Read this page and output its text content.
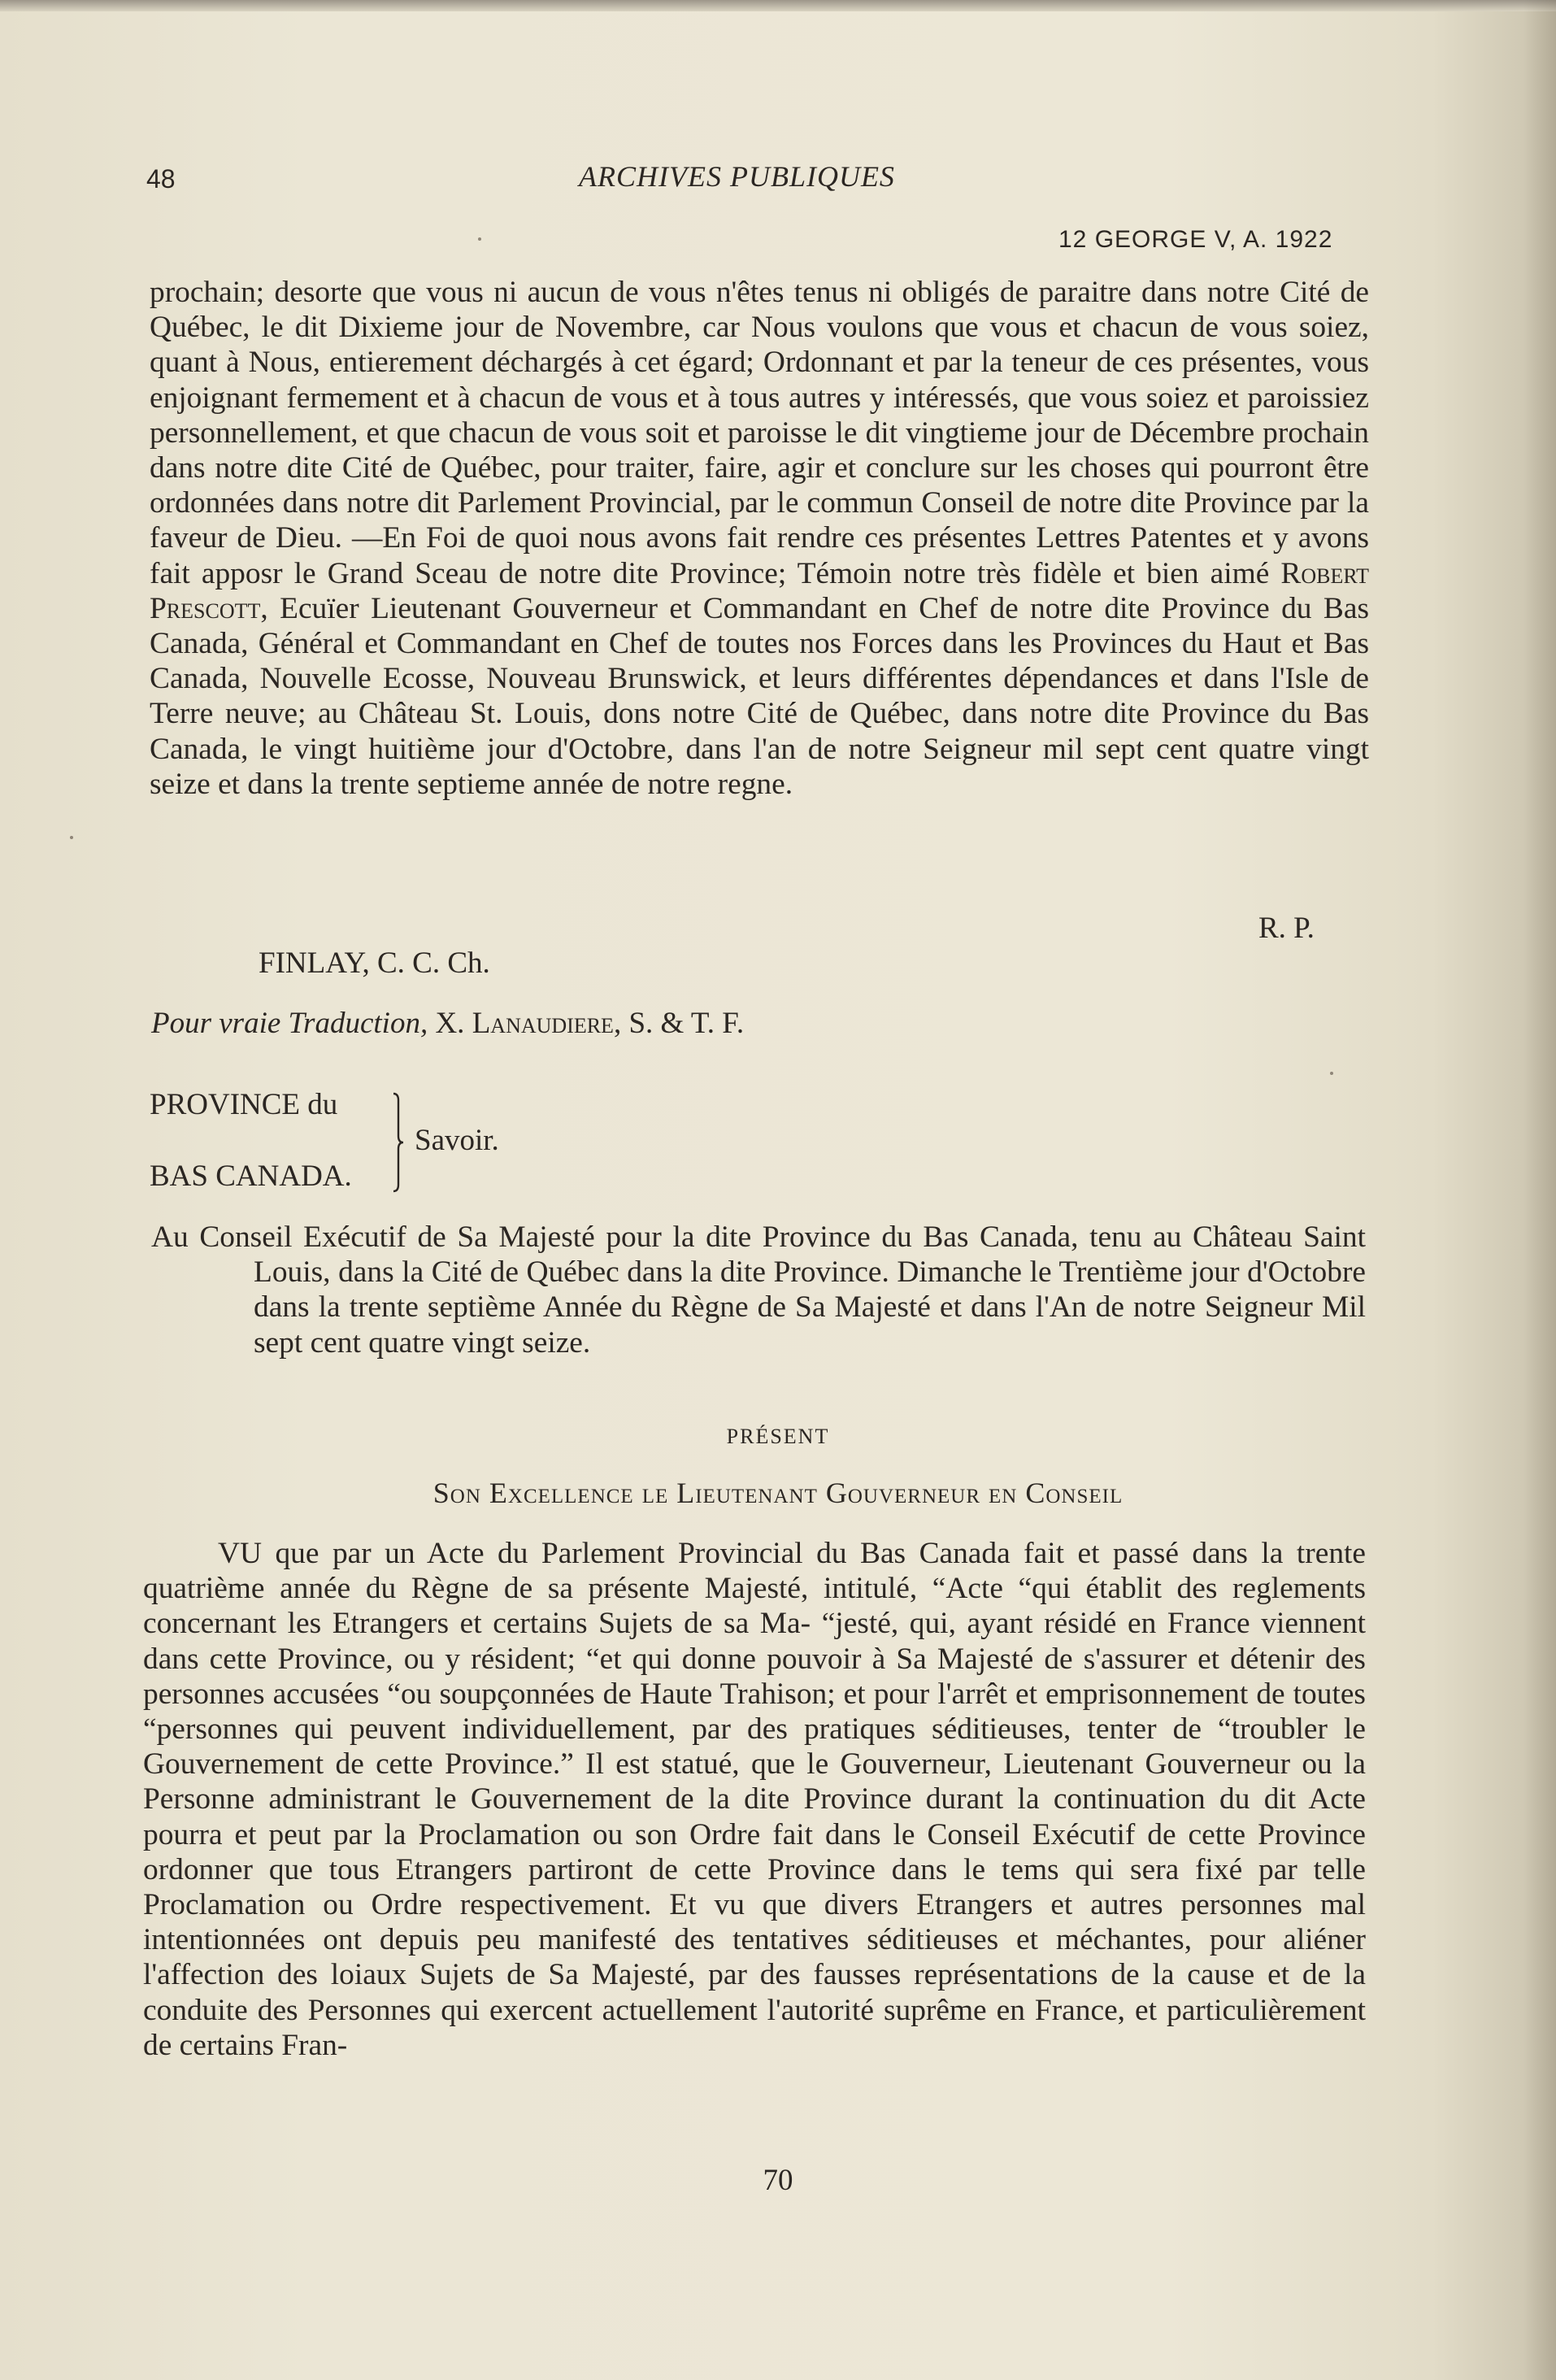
48	ARCHIVES PUBLIQUES
12 GEORGE V, A. 1922

prochain; desorte que vous ni aucun de vous n'êtes tenus ni obligés de paraitre dans notre Cité de Québec, le dit Dixieme jour de Novembre, car Nous voulons que vous et chacun de vous soiez, quant à Nous, entierement déchargés à cet égard; Ordonnant et par la teneur de ces présentes, vous enjoignant fermement et à chacun de vous et à tous autres y intéressés, que vous soiez et paroissiez personnellement, et que chacun de vous soit et paroisse le dit vingtieme jour de Décembre prochain dans notre dite Cité de Québec, pour traiter, faire, agir et conclure sur les choses qui pourront être ordonnées dans notre dit Parlement Provincial, par le commun Conseil de notre dite Province par la faveur de Dieu. —En Foi de quoi nous avons fait rendre ces présentes Lettres Patentes et y avons fait apposr le Grand Sceau de notre dite Province; Témoin notre très fidèle et bien aimé Robert Prescott, Ecuïer Lieutenant Gouverneur et Commandant en Chef de notre dite Province du Bas Canada, Général et Commandant en Chef de toutes nos Forces dans les Provinces du Haut et Bas Canada, Nouvelle Ecosse, Nouveau Brunswick, et leurs différentes dépendances et dans l'Isle de Terre neuve; au Château St. Louis, dons notre Cité de Québec, dans notre dite Province du Bas Canada, le vingt huitième jour d'Octobre, dans l'an de notre Seigneur mil sept cent quatre vingt seize et dans la trente septieme année de notre regne.

R. P.
FINLAY, C. C. Ch.
Pour vraie Traduction, X. Lanaudiere, S. & T. F.
PROVINCE du
BAS CANADA.
Savoir.
Au Conseil Exécutif de Sa Majesté pour la dite Province du Bas Canada, tenu au Château Saint Louis, dans la Cité de Québec dans la dite Province. Dimanche le Trentième jour d'Octobre dans la trente septième Année du Règne de Sa Majesté et dans l'An de notre Seigneur Mil sept cent quatre vingt seize.
PRÉSENT
Son Excellence le Lieutenant Gouverneur en Conseil

VU que par un Acte du Parlement Provincial du Bas Canada fait et passé dans la trente quatrième année du Règne de sa présente Majesté, intitulé, “Acte “qui établit des reglements concernant les Etrangers et certains Sujets de sa Ma- “jesté, qui, ayant résidé en France viennent dans cette Province, ou y résident; “et qui donne pouvoir à Sa Majesté de s'assurer et détenir des personnes accusées “ou soupçonnées de Haute Trahison; et pour l'arrêt et emprisonnement de toutes “personnes qui peuvent individuellement, par des pratiques séditieuses, tenter de “troubler le Gouvernement de cette Province.” Il est statué, que le Gouverneur, Lieutenant Gouverneur ou la Personne administrant le Gouvernement de la dite Province durant la continuation du dit Acte pourra et peut par la Proclamation ou son Ordre fait dans le Conseil Exécutif de cette Province ordonner que tous Etrangers partiront de cette Province dans le tems qui sera fixé par telle Proclamation ou Ordre respectivement. Et vu que divers Etrangers et autres personnes mal intentionnées ont depuis peu manifesté des tentatives séditieuses et méchantes, pour aliéner l'affection des loiaux Sujets de Sa Majesté, par des fausses représentations de la cause et de la conduite des Personnes qui exercent actuellement l'autorité suprême en France, et particulièrement de certains Fran-

70
